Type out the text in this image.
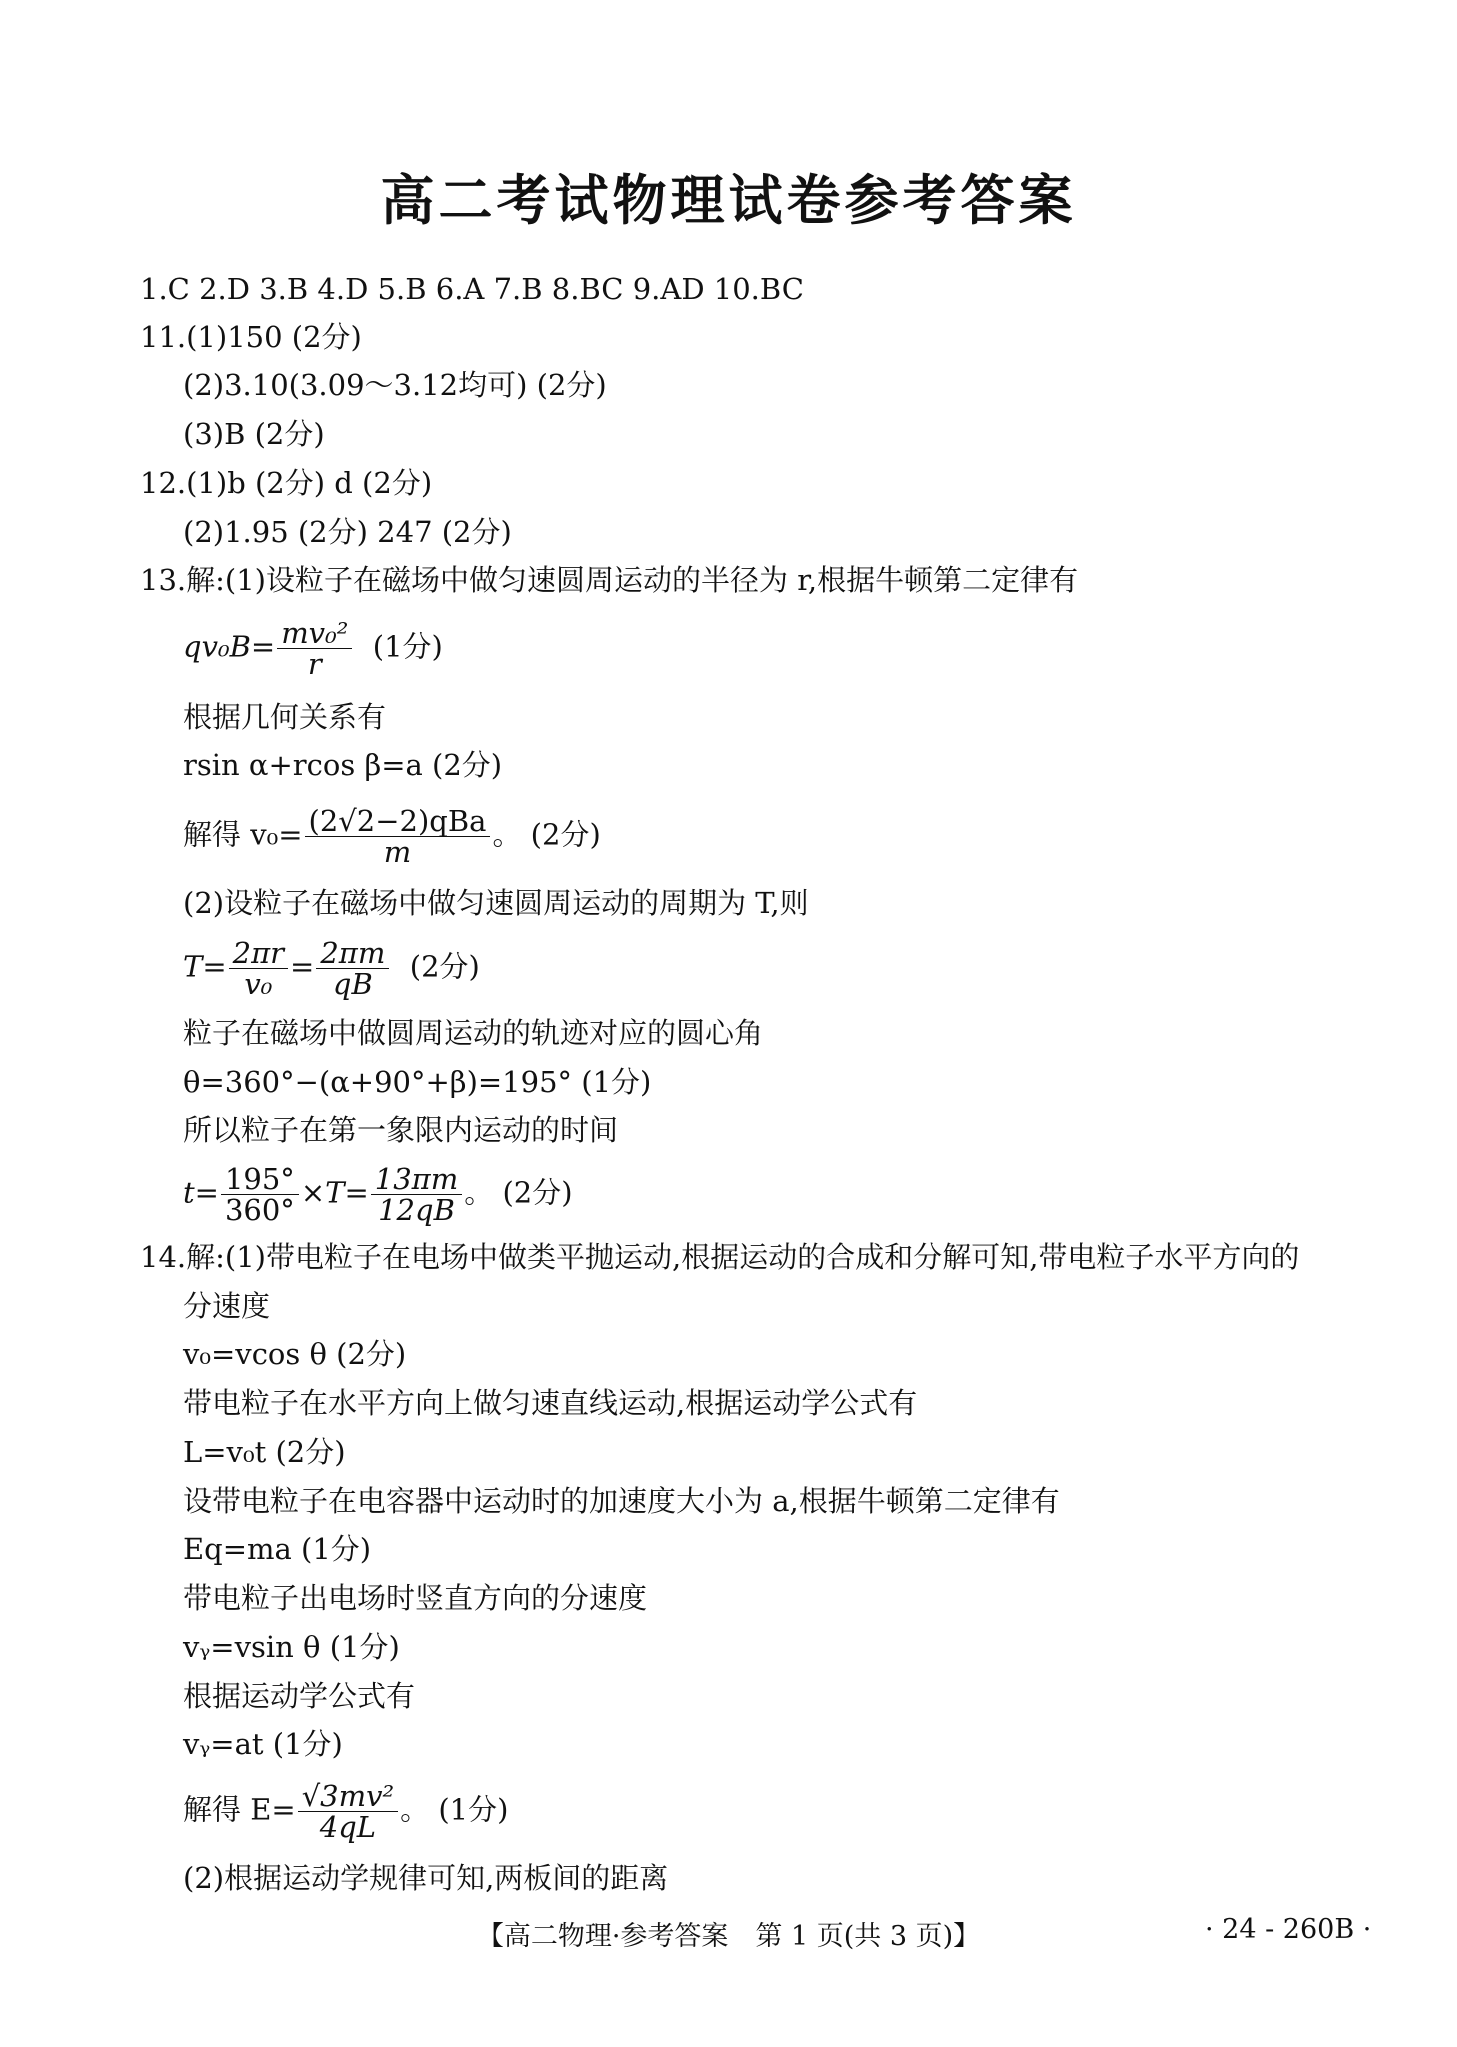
高二考试物理试卷参考答案
1.C 2.D 3.B 4.D 5.B 6.A 7.B 8.BC 9.AD 10.BC
11.(1)150 (2分)
(2)3.10(3.09～3.12均可) (2分)
(3)B (2分)
12.(1)b (2分) d (2分)
(2)1.95 (2分) 247 (2分)
13.解:(1)设粒子在磁场中做匀速圆周运动的半径为 r,根据牛顿第二定律有
$qv_0B= \frac{\text{mv₀²}}{r} (1$分)
根据几何关系有
rsin α+rcos β=a (2分)
解得 $v_0= \frac{\text{(2√2−2)qBa}}{m}$ 。 (2分)
(2)设粒子在磁场中做匀速圆周运动的周期为 T,则
$T= \frac{2\pi r}{\text{v₀}} = \frac{2\pi m}{qB} (2$分)
粒子在磁场中做圆周运动的轨迹对应的圆心角
θ=360°−(α+90°+β)=195° (1分)
所以粒子在第一象限内运动的时间
$t= \frac{195^\circ}{360^\circ} \times T= \frac{13\pi m}{12qB}$ 。 (2分)
14.解:(1)带电粒子在电场中做类平抛运动,根据运动的合成和分解可知,带电粒子水平方向的
分速度
v₀=vcos θ (2分)
带电粒子在水平方向上做匀速直线运动,根据运动学公式有
L=v₀t (2分)
设带电粒子在电容器中运动时的加速度大小为 a,根据牛顿第二定律有
Eq=ma (1分)
带电粒子出电场时竖直方向的分速度
vᵧ=vsin θ (1分)
根据运动学公式有
vᵧ=at (1分)
解得 $E= \frac{\text{√3mv²}}{4qL}$ 。 (1分)
(2)根据运动学规律可知,两板间的距离
【高二物理·参考答案　第 1 页(共 3 页)】	· 24 - 260B ·
